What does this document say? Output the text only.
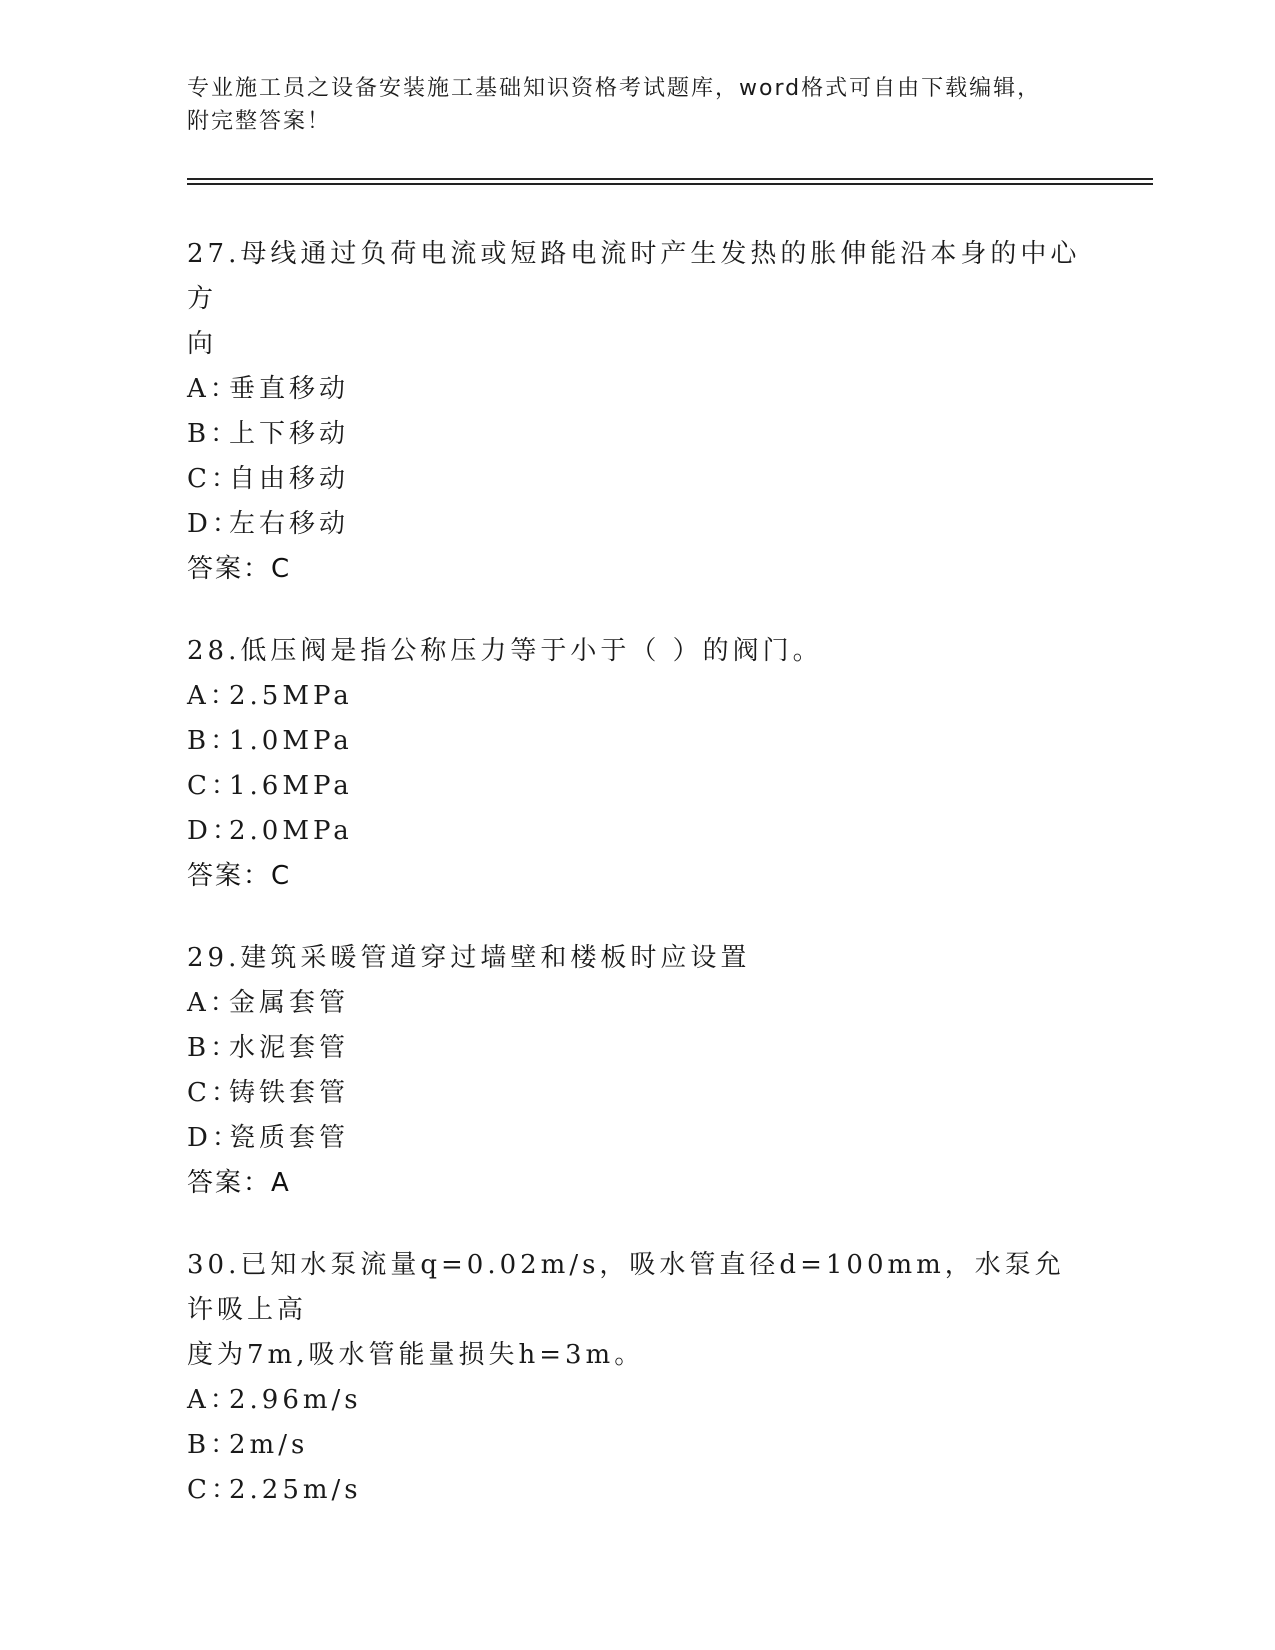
专业施工员之设备安装施工基础知识资格考试题库，word格式可自由下载编辑，
附完整答案！
27.母线通过负荷电流或短路电流时产生发热的胀伸能沿本身的中心方
向
A：垂直移动
B：上下移动
C：自由移动
D：左右移动
答案：C
28.低压阀是指公称压力等于小于（ ）的阀门。
A：2.5MPa
B：1.0MPa
C：1.6MPa
D：2.0MPa
答案：C
29.建筑采暖管道穿过墙壁和楼板时应设置
A：金属套管
B：水泥套管
C：铸铁套管
D：瓷质套管
答案：A
30.已知水泵流量q=0.02m/s，吸水管直径d=100mm，水泵允许吸上高
度为7m,吸水管能量损失h=3m。
A：2.96m/s
B：2m/s
C：2.25m/s
